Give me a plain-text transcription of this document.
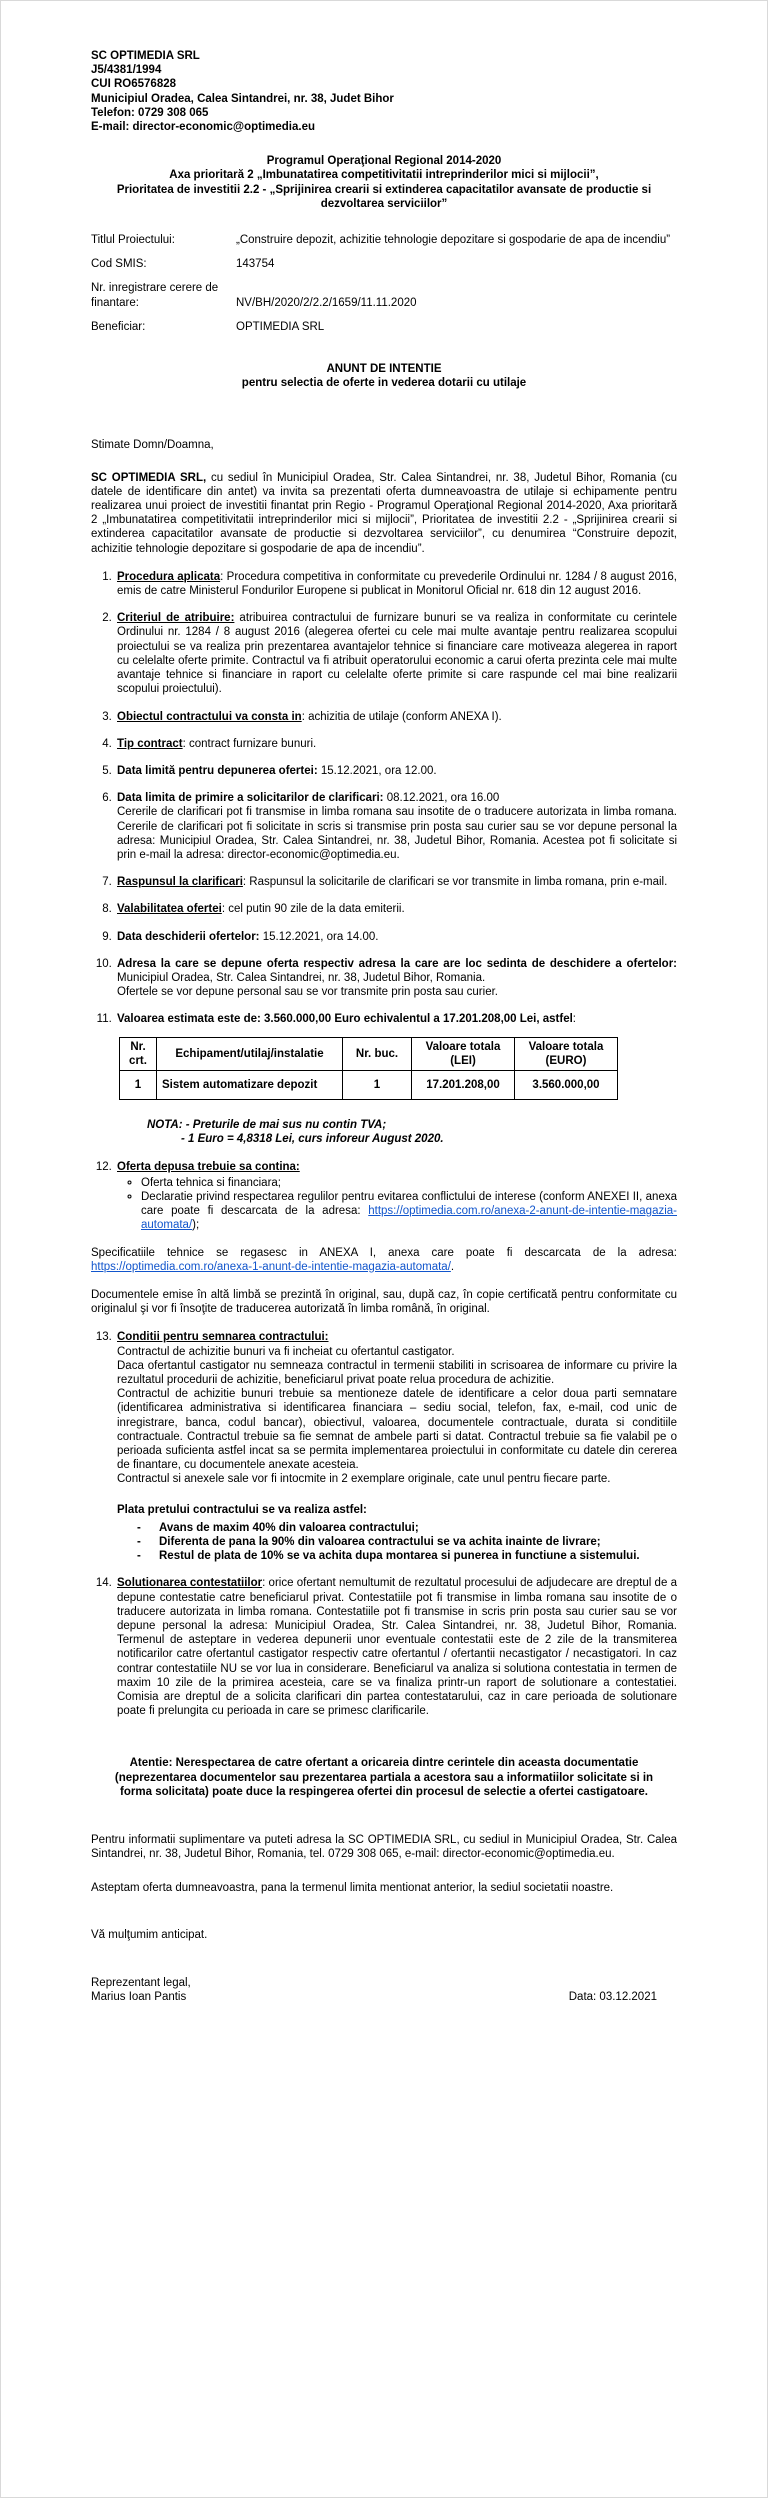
SC OPTIMEDIA SRL
J5/4381/1994
CUI RO6576828
Municipiul Oradea, Calea Sintandrei, nr. 38, Judet Bihor
Telefon: 0729 308 065
E-mail: director-economic@optimedia.eu
Programul Operaţional Regional 2014-2020
Axa prioritară 2 „Imbunatatirea competitivitatii intreprinderilor mici si mijlocii”,
Prioritatea de investitii 2.2 - „Sprijinirea crearii si extinderea capacitatilor avansate de productie si dezvoltarea serviciilor”
Titlul Proiectului:	„Construire depozit, achizitie tehnologie depozitare si gospodarie de apa de incendiu”
Cod SMIS:	143754
Nr. inregistrare cerere de finantare:	NV/BH/2020/2/2.2/1659/11.11.2020
Beneficiar:	OPTIMEDIA SRL
ANUNT DE INTENTIE
pentru selectia de oferte in vederea dotarii cu utilaje

Stimate Domn/Doamna,

SC OPTIMEDIA SRL, cu sediul în Municipiul Oradea, Str. Calea Sintandrei, nr. 38, Judetul Bihor, Romania (cu datele de identificare din antet) va invita sa prezentati oferta dumneavoastra de utilaje si echipamente pentru realizarea unui proiect de investitii finantat prin Regio - Programul Operaţional Regional 2014-2020, Axa prioritară 2 „Imbunatatirea competitivitatii intreprinderilor mici si mijlocii”, Prioritatea de investitii 2.2 - „Sprijinirea crearii si extinderea capacitatilor avansate de productie si dezvoltarea serviciilor”, cu denumirea “Construire depozit, achizitie tehnologie depozitare si gospodarie de apa de incendiu”.

1. Procedura aplicata: Procedura competitiva in conformitate cu prevederile Ordinului nr. 1284 / 8 august 2016, emis de catre Ministerul Fondurilor Europene si publicat in Monitorul Oficial nr. 618 din 12 august 2016.
2. Criteriul de atribuire: atribuirea contractului de furnizare bunuri se va realiza in conformitate cu cerintele Ordinului nr. 1284 / 8 august 2016 (alegerea ofertei cu cele mai multe avantaje pentru realizarea scopului proiectului se va realiza prin prezentarea avantajelor tehnice si financiare care motiveaza alegerea in raport cu celelalte oferte primite. Contractul va fi atribuit operatorului economic a carui oferta prezinta cele mai multe avantaje tehnice si financiare in raport cu celelalte oferte primite si care raspunde cel mai bine realizarii scopului proiectului).
3. Obiectul contractului va consta in: achizitia de utilaje (conform ANEXA I).
4. Tip contract: contract furnizare bunuri.
5. Data limită pentru depunerea ofertei: 15.12.2021, ora 12.00.
6. Data limita de primire a solicitarilor de clarificari: 08.12.2021, ora 16.00
Cererile de clarificari pot fi transmise in limba romana sau insotite de o traducere autorizata in limba romana. Cererile de clarificari pot fi solicitate in scris si transmise prin posta sau curier sau se vor depune personal la adresa: Municipiul Oradea, Str. Calea Sintandrei, nr. 38, Judetul Bihor, Romania. Acestea pot fi solicitate si prin e-mail la adresa: director-economic@optimedia.eu.
7. Raspunsul la clarificari: Raspunsul la solicitarile de clarificari se vor transmite in limba romana, prin e-mail.
8. Valabilitatea ofertei: cel putin 90 zile de la data emiterii.
9. Data deschiderii ofertelor: 15.12.2021, ora 14.00.
10. Adresa la care se depune oferta respectiv adresa la care are loc sedinta de deschidere a ofertelor: Municipiul Oradea, Str. Calea Sintandrei, nr. 38, Judetul Bihor, Romania.
Ofertele se vor depune personal sau se vor transmite prin posta sau curier.
11. Valoarea estimata este de: 3.560.000,00 Euro echivalentul a 17.201.208,00 Lei, astfel:
Nr. crt.	Echipament/utilaj/instalatie	Nr. buc.	Valoare totala (LEI)	Valoare totala (EURO)
1	Sistem automatizare depozit	1	17.201.208,00	3.560.000,00
NOTA: - Preturile de mai sus nu contin TVA;
- 1 Euro = 4,8318 Lei, curs inforeur August 2020.
12. Oferta depusa trebuie sa contina:
◦ Oferta tehnica si financiara;
◦ Declaratie privind respectarea regulilor pentru evitarea conflictului de interese (conform ANEXEI II, anexa care poate fi descarcata de la adresa: https://optimedia.com.ro/anexa-2-anunt-de-intentie-magazia-automata/);

Specificatiile tehnice se regasesc in ANEXA I, anexa care poate fi descarcata de la adresa: https://optimedia.com.ro/anexa-1-anunt-de-intentie-magazia-automata/.

Documentele emise în altă limbă se prezintă în original, sau, după caz, în copie certificată pentru conformitate cu originalul şi vor fi însoţite de traducerea autorizată în limba română, în original.

13. Conditii pentru semnarea contractului:
Contractul de achizitie bunuri va fi incheiat cu ofertantul castigator.
Daca ofertantul castigator nu semneaza contractul in termenii stabiliti in scrisoarea de informare cu privire la rezultatul procedurii de achizitie, beneficiarul privat poate relua procedura de achizitie.
Contractul de achizitie bunuri trebuie sa mentioneze datele de identificare a celor doua parti semnatare (identificarea administrativa si identificarea financiara – sediu social, telefon, fax, e-mail, cod unic de inregistrare, banca, codul bancar), obiectivul, valoarea, documentele contractuale, durata si conditiile contractuale. Contractul trebuie sa fie semnat de ambele parti si datat. Contractul trebuie sa fie valabil pe o perioada suficienta astfel incat sa se permita implementarea proiectului in conformitate cu datele din cererea de finantare, cu documentele anexate acesteia.
Contractul si anexele sale vor fi intocmite in 2 exemplare originale, cate unul pentru fiecare parte.
Plata pretului contractului se va realiza astfel:
- Avans de maxim 40% din valoarea contractului;
- Diferenta de pana la 90% din valoarea contractului se va achita inainte de livrare;
- Restul de plata de 10% se va achita dupa montarea si punerea in functiune a sistemului.
14. Solutionarea contestatiilor: orice ofertant nemultumit de rezultatul procesului de adjudecare are dreptul de a depune contestatie catre beneficiarul privat. Contestatiile pot fi transmise in limba romana sau insotite de o traducere autorizata in limba romana. Contestatiile pot fi transmise in scris prin posta sau curier sau se vor depune personal la adresa: Municipiul Oradea, Str. Calea Sintandrei, nr. 38, Judetul Bihor, Romania. Termenul de asteptare in vederea depunerii unor eventuale contestatii este de 2 zile de la transmiterea notificarilor catre ofertantul castigator respectiv catre ofertantul / ofertantii necastigator / necastigatori. In caz contrar contestatiile NU se vor lua in considerare. Beneficiarul va analiza si solutiona contestatia in termen de maxim 10 zile de la primirea acesteia, care se va finaliza printr-un raport de solutionare a contestatiei. Comisia are dreptul de a solicita clarificari din partea contestatarului, caz in care perioada de solutionare poate fi prelungita cu perioada in care se primesc clarificarile.
Atentie: Nerespectarea de catre ofertant a oricareia dintre cerintele din aceasta documentatie (neprezentarea documentelor sau prezentarea partiala a acestora sau a informatiilor solicitate si in forma solicitata) poate duce la respingerea ofertei din procesul de selectie a ofertei castigatoare.

Pentru informatii suplimentare va puteti adresa la SC OPTIMEDIA SRL, cu sediul in Municipiul Oradea, Str. Calea Sintandrei, nr. 38, Judetul Bihor, Romania, tel. 0729 308 065, e-mail: director-economic@optimedia.eu.

Asteptam oferta dumneavoastra, pana la termenul limita mentionat anterior, la sediul societatii noastre.

Vă mulţumim anticipat.

Reprezentant legal,
Marius Ioan Pantis	Data: 03.12.2021
